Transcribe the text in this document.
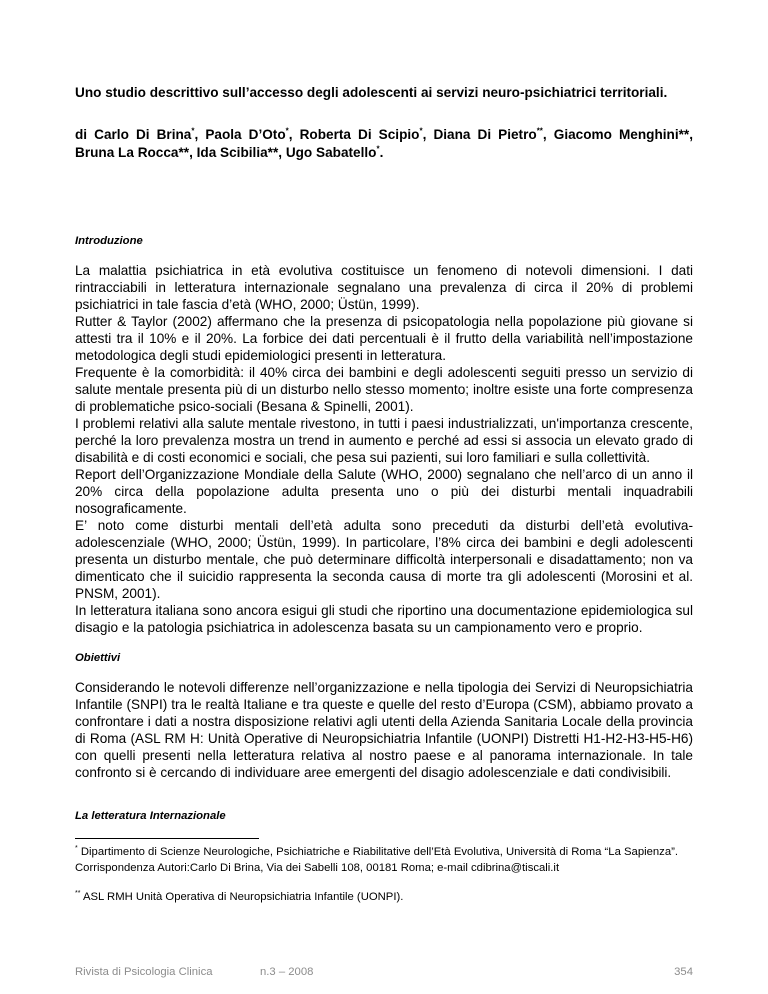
Uno studio descrittivo sull’accesso degli adolescenti ai servizi neuro-psichiatrici territoriali.

di Carlo Di Brina*, Paola D’Oto*, Roberta Di Scipio*, Diana Di Pietro**, Giacomo Menghini**, Bruna La Rocca**, Ida Scibilia**, Ugo Sabatello*.

Introduzione

La malattia psichiatrica in età evolutiva costituisce un fenomeno di notevoli dimensioni. I dati rintracciabili in letteratura internazionale segnalano una prevalenza di circa il 20% di problemi psichiatrici in tale fascia d’età (WHO, 2000; Üstün, 1999).

Rutter & Taylor (2002) affermano che la presenza di psicopatologia nella popolazione più giovane si attesti tra il 10% e il 20%. La forbice dei dati percentuali è il frutto della variabilità nell’impostazione metodologica degli studi epidemiologici presenti in letteratura.

Frequente è la comorbidità: il 40% circa dei bambini e degli adolescenti seguiti presso un servizio di salute mentale presenta più di un disturbo nello stesso momento; inoltre esiste una forte compresenza di problematiche psico-sociali (Besana & Spinelli, 2001).

I problemi relativi alla salute mentale rivestono, in tutti i paesi industrializzati, un'importanza crescente, perché la loro prevalenza mostra un trend in aumento e perché ad essi si associa un elevato grado di disabilità e di costi economici e sociali, che pesa sui pazienti, sui loro familiari e sulla collettività.

Report dell’Organizzazione Mondiale della Salute (WHO, 2000) segnalano che nell’arco di un anno il 20% circa della popolazione adulta presenta uno o più dei disturbi mentali inquadrabili nosograficamente.

E’ noto come disturbi mentali dell’età adulta sono preceduti da disturbi dell’età evolutiva-adolescenziale (WHO, 2000; Üstün, 1999). In particolare, l’8% circa dei bambini e degli adolescenti presenta un disturbo mentale, che può determinare difficoltà interpersonali e disadattamento; non va dimenticato che il suicidio rappresenta la seconda causa di morte tra gli adolescenti (Morosini et al. PNSM, 2001).

In letteratura italiana sono ancora esigui gli studi che riportino una documentazione epidemiologica sul disagio e la patologia psichiatrica in adolescenza basata su un campionamento vero e proprio.

Obiettivi

Considerando le notevoli differenze nell’organizzazione e nella tipologia dei Servizi di Neuropsichiatria Infantile (SNPI) tra le realtà Italiane e tra queste e quelle del resto d’Europa (CSM), abbiamo provato a confrontare i dati a nostra disposizione relativi agli utenti della Azienda Sanitaria Locale della provincia di Roma (ASL RM H: Unità Operative di Neuropsichiatria Infantile (UONPI) Distretti H1-H2-H3-H5-H6) con quelli presenti nella letteratura relativa al nostro paese e al panorama internazionale. In tale confronto si è cercando di individuare aree emergenti del disagio adolescenziale e dati condivisibili.

La letteratura Internazionale

* Dipartimento di Scienze Neurologiche, Psichiatriche e Riabilitative dell’Età Evolutiva, Università di Roma “La Sapienza”.

Corrispondenza Autori:Carlo Di Brina, Via dei Sabelli 108, 00181 Roma; e-mail cdibrina@tiscali.it

** ASL RMH Unità Operativa di Neuropsichiatria Infantile (UONPI).

Rivista di Psicologia Clinica	n.3 – 2008	354
